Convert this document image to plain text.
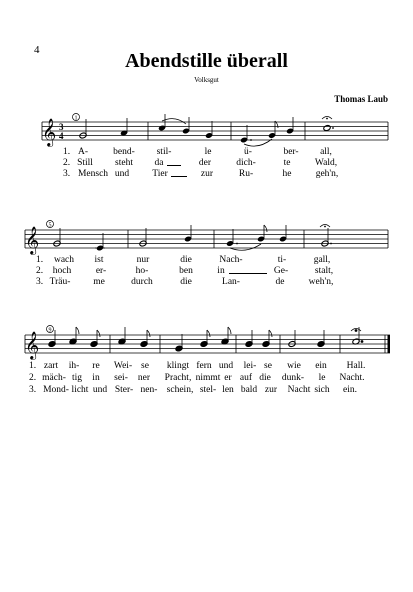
4	Abendstille überall
Volksgut
Thomas Laub
𝄞 3
4
1
1. A-	bend- stil-	le	ü-	ber- all,
2. Still steht da	der	dich-	te	Wald,
3. Mensch und Tier	zur	Ru-	he	geh'n,
𝄞
5
1. wach ist	nur	die	Nach-	ti-	gall,
2. hoch	er-	ho-	ben	in	Ge-	stalt,
3. Träu- me	durch	die	Lan-	de	weh'n,
𝄞
9
1. zart ih- re Wei- se klingt fern und lei- se wie ein Hall.
2. mäch- tig in sei- ner Pracht, nimmt er auf die dunk- le Nacht.
3. Mond- licht und Ster- nen- schein, stel- len bald zur Nacht sich ein.
